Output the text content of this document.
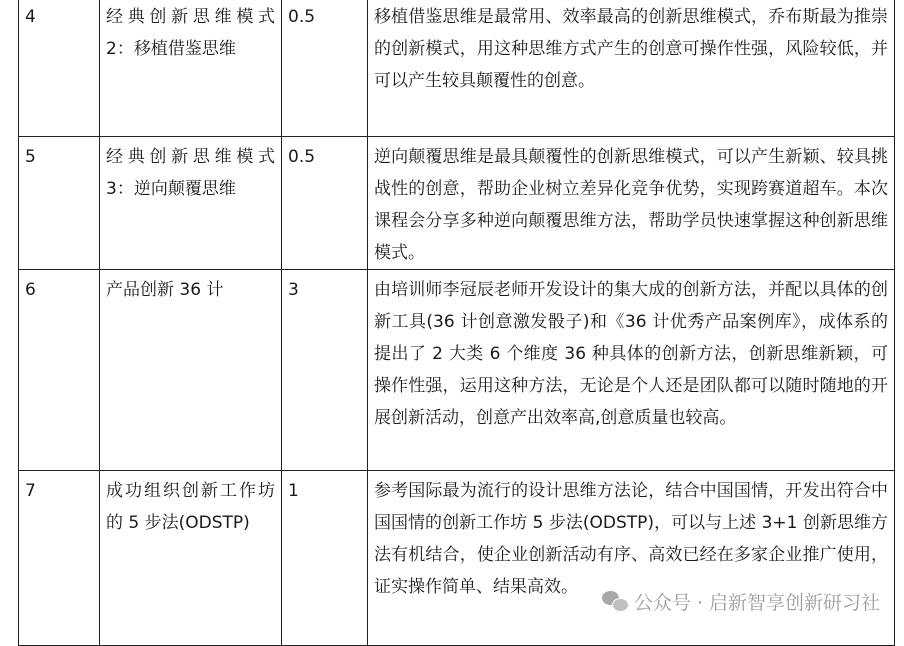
4	经典创新思维模式 2：移植借鉴思维	0.5	移植借鉴思维是最常用、效率最高的创新思维模式，乔布斯最为推崇的创新模式，用这种思维方式产生的创意可操作性强，风险较低，并可以产生较具颠覆性的创意。
5	经典创新思维模式 3：逆向颠覆思维	0.5	逆向颠覆思维是最具颠覆性的创新思维模式，可以产生新颖、较具挑战性的创意，帮助企业树立差异化竞争优势，实现跨赛道超车。本次课程会分享多种逆向颠覆思维方法，帮助学员快速掌握这种创新思维模式。
6	产品创新 36 计	3	由培训师李冠辰老师开发设计的集大成的创新方法，并配以具体的创新工具(36 计创意激发骰子)和《36 计优秀产品案例库》，成体系的提出了 2 大类 6 个维度 36 种具体的创新方法，创新思维新颖，可操作性强，运用这种方法，无论是个人还是团队都可以随时随地的开展创新活动，创意产出效率高,创意质量也较高。
7	成功组织创新工作坊的 5 步法(ODSTP)	1	参考国际最为流行的设计思维方法论，结合中国国情，开发出符合中国国情的创新工作坊 5 步法(ODSTP)，可以与上述 3+1 创新思维方法有机结合，使企业创新活动有序、高效已经在多家企业推广使用，证实操作简单、结果高效。
公众号 · 启新智享创新研习社
